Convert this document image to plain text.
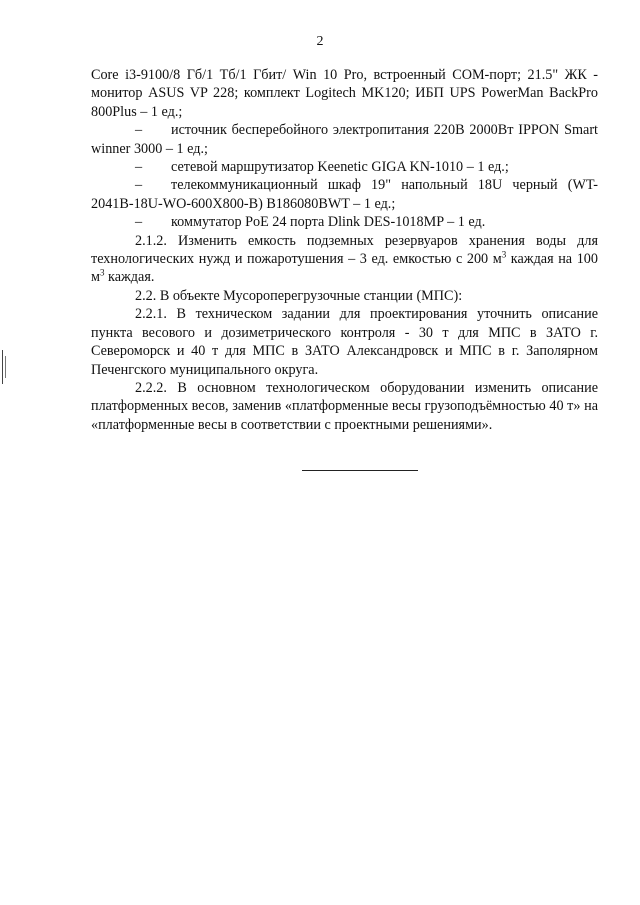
2

Core i3-9100/8 Гб/1 Тб/1 Гбит/ Win 10 Pro, встроенный COM-порт; 21.5" ЖК - монитор ASUS VP 228; комплект Logitech MK120; ИБП UPS PowerMan BackPro 800Plus – 1 ед.;

– источник бесперебойного электропитания 220В 2000Вт IPPON Smart winner 3000 – 1 ед.;

– сетевой маршрутизатор Keenetic GIGA KN-1010 – 1 ед.;

– телекоммуникационный шкаф 19" напольный 18U черный (WT-2041B-18U-WO-600X800-B) B186080BWT – 1 ед.;

– коммутатор PoE 24 порта Dlink DES-1018MP – 1 ед.

2.1.2. Изменить емкость подземных резервуаров хранения воды для технологических нужд и пожаротушения – 3 ед. емкостью с 200 $м^3$ каждая на 100 $м^3$ каждая.

2.2. В объекте Мусороперегрузочные станции (МПС):

2.2.1. В техническом задании для проектирования уточнить описание пункта весового и дозиметрического контроля - 30 т для МПС в ЗАТО г. Североморск и 40 т для МПС в ЗАТО Александровск и МПС в г. Заполярном Печенгского муниципального округа.

2.2.2. В основном технологическом оборудовании изменить описание платформенных весов, заменив «платформенные весы грузоподъёмностью 40 т» на «платформенные весы в соответствии с проектными решениями».
